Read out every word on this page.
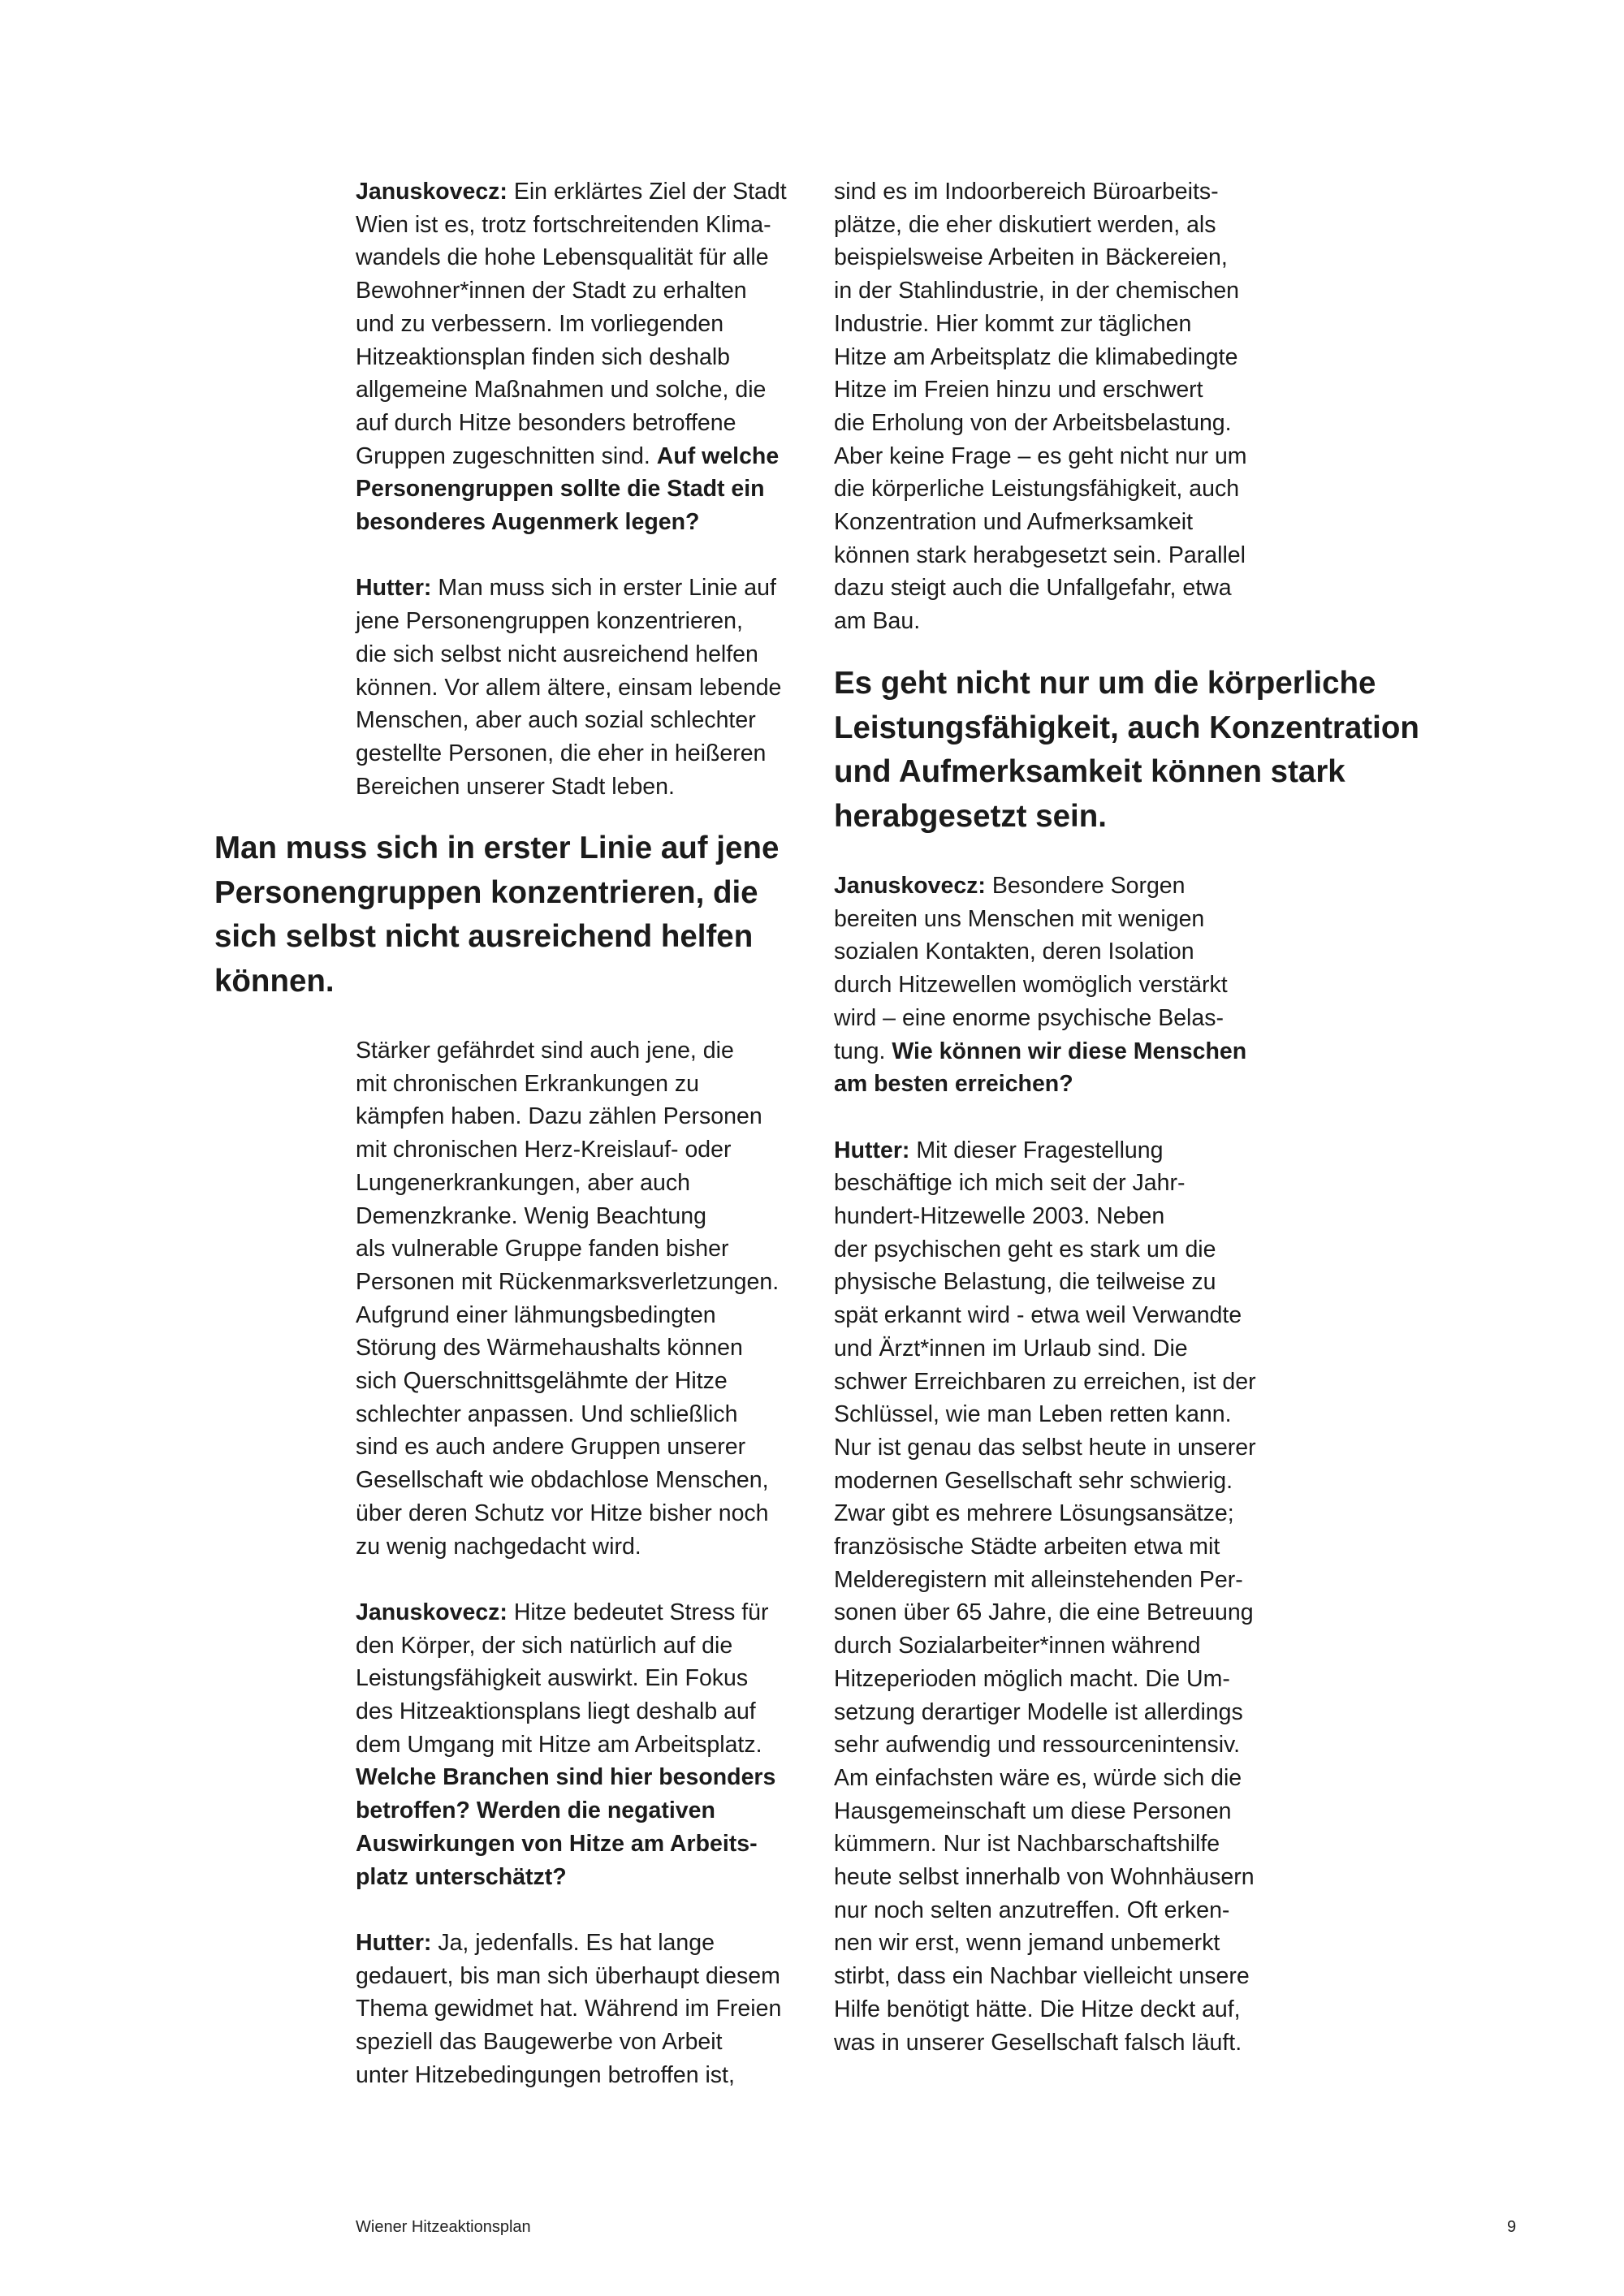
Januskovecz: Ein erklärtes Ziel der Stadt
Wien ist es, trotz fortschreitenden Klima-
wandels die hohe Lebensqualität für alle
Bewohner*innen der Stadt zu erhalten
und zu verbessern. Im vorliegenden
Hitzeaktionsplan finden sich deshalb
allgemeine Maßnahmen und solche, die
auf durch Hitze besonders betroffene
Gruppen zugeschnitten sind. Auf welche
Personengruppen sollte die Stadt ein
besonderes Augenmerk legen?
Hutter: Man muss sich in erster Linie auf
jene Personengruppen konzentrieren,
die sich selbst nicht ausreichend helfen
können. Vor allem ältere, einsam lebende
Menschen, aber auch sozial schlechter
gestellte Personen, die eher in heißeren
Bereichen unserer Stadt leben.
Man muss sich in erster Linie auf jene
Personengruppen konzentrieren, die
sich selbst nicht ausreichend helfen
können.
Stärker gefährdet sind auch jene, die
mit chronischen Erkrankungen zu
kämpfen haben. Dazu zählen Personen
mit chronischen Herz-Kreislauf- oder
Lungenerkrankungen, aber auch
Demenzkranke. Wenig Beachtung
als vulnerable Gruppe fanden bisher
Personen mit Rückenmarksverletzungen.
Aufgrund einer lähmungsbedingten
Störung des Wärmehaushalts können
sich Querschnittsgelähmte der Hitze
schlechter anpassen. Und schließlich
sind es auch andere Gruppen unserer
Gesellschaft wie obdachlose Menschen,
über deren Schutz vor Hitze bisher noch
zu wenig nachgedacht wird.
Januskovecz: Hitze bedeutet Stress für
den Körper, der sich natürlich auf die
Leistungsfähigkeit auswirkt. Ein Fokus
des Hitzeaktionsplans liegt deshalb auf
dem Umgang mit Hitze am Arbeitsplatz.
Welche Branchen sind hier besonders
betroffen? Werden die negativen
Auswirkungen von Hitze am Arbeits-
platz unterschätzt?
Hutter: Ja, jedenfalls. Es hat lange
gedauert, bis man sich überhaupt diesem
Thema gewidmet hat. Während im Freien
speziell das Baugewerbe von Arbeit
unter Hitzebedingungen betroffen ist,
sind es im Indoorbereich Büroarbeits-
plätze, die eher diskutiert werden, als
beispielsweise Arbeiten in Bäckereien,
in der Stahlindustrie, in der chemischen
Industrie. Hier kommt zur täglichen
Hitze am Arbeitsplatz die klimabedingte
Hitze im Freien hinzu und erschwert
die Erholung von der Arbeitsbelastung.
Aber keine Frage – es geht nicht nur um
die körperliche Leistungsfähigkeit, auch
Konzentration und Aufmerksamkeit
können stark herabgesetzt sein. Parallel
dazu steigt auch die Unfallgefahr, etwa
am Bau.
Es geht nicht nur um die körperliche
Leistungsfähigkeit, auch Konzentration
und Aufmerksamkeit können stark
herabgesetzt sein.
Januskovecz: Besondere Sorgen
bereiten uns Menschen mit wenigen
sozialen Kontakten, deren Isolation
durch Hitzewellen womöglich verstärkt
wird – eine enorme psychische Belas-
tung. Wie können wir diese Menschen
am besten erreichen?
Hutter: Mit dieser Fragestellung
beschäftige ich mich seit der Jahr-
hundert-Hitzewelle 2003. Neben
der psychischen geht es stark um die
physische Belastung, die teilweise zu
spät erkannt wird - etwa weil Verwandte
und Ärzt*innen im Urlaub sind. Die
schwer Erreichbaren zu erreichen, ist der
Schlüssel, wie man Leben retten kann.
Nur ist genau das selbst heute in unserer
modernen Gesellschaft sehr schwierig.
Zwar gibt es mehrere Lösungsansätze;
französische Städte arbeiten etwa mit
Melderegistern mit alleinstehenden Per-
sonen über 65 Jahre, die eine Betreuung
durch Sozialarbeiter*innen während
Hitzeperioden möglich macht. Die Um-
setzung derartiger Modelle ist allerdings
sehr aufwendig und ressourcenintensiv.
Am einfachsten wäre es, würde sich die
Hausgemeinschaft um diese Personen
kümmern. Nur ist Nachbarschaftshilfe
heute selbst innerhalb von Wohnhäusern
nur noch selten anzutreffen. Oft erken-
nen wir erst, wenn jemand unbemerkt
stirbt, dass ein Nachbar vielleicht unsere
Hilfe benötigt hätte. Die Hitze deckt auf,
was in unserer Gesellschaft falsch läuft.
Wiener Hitzeaktionsplan	9
